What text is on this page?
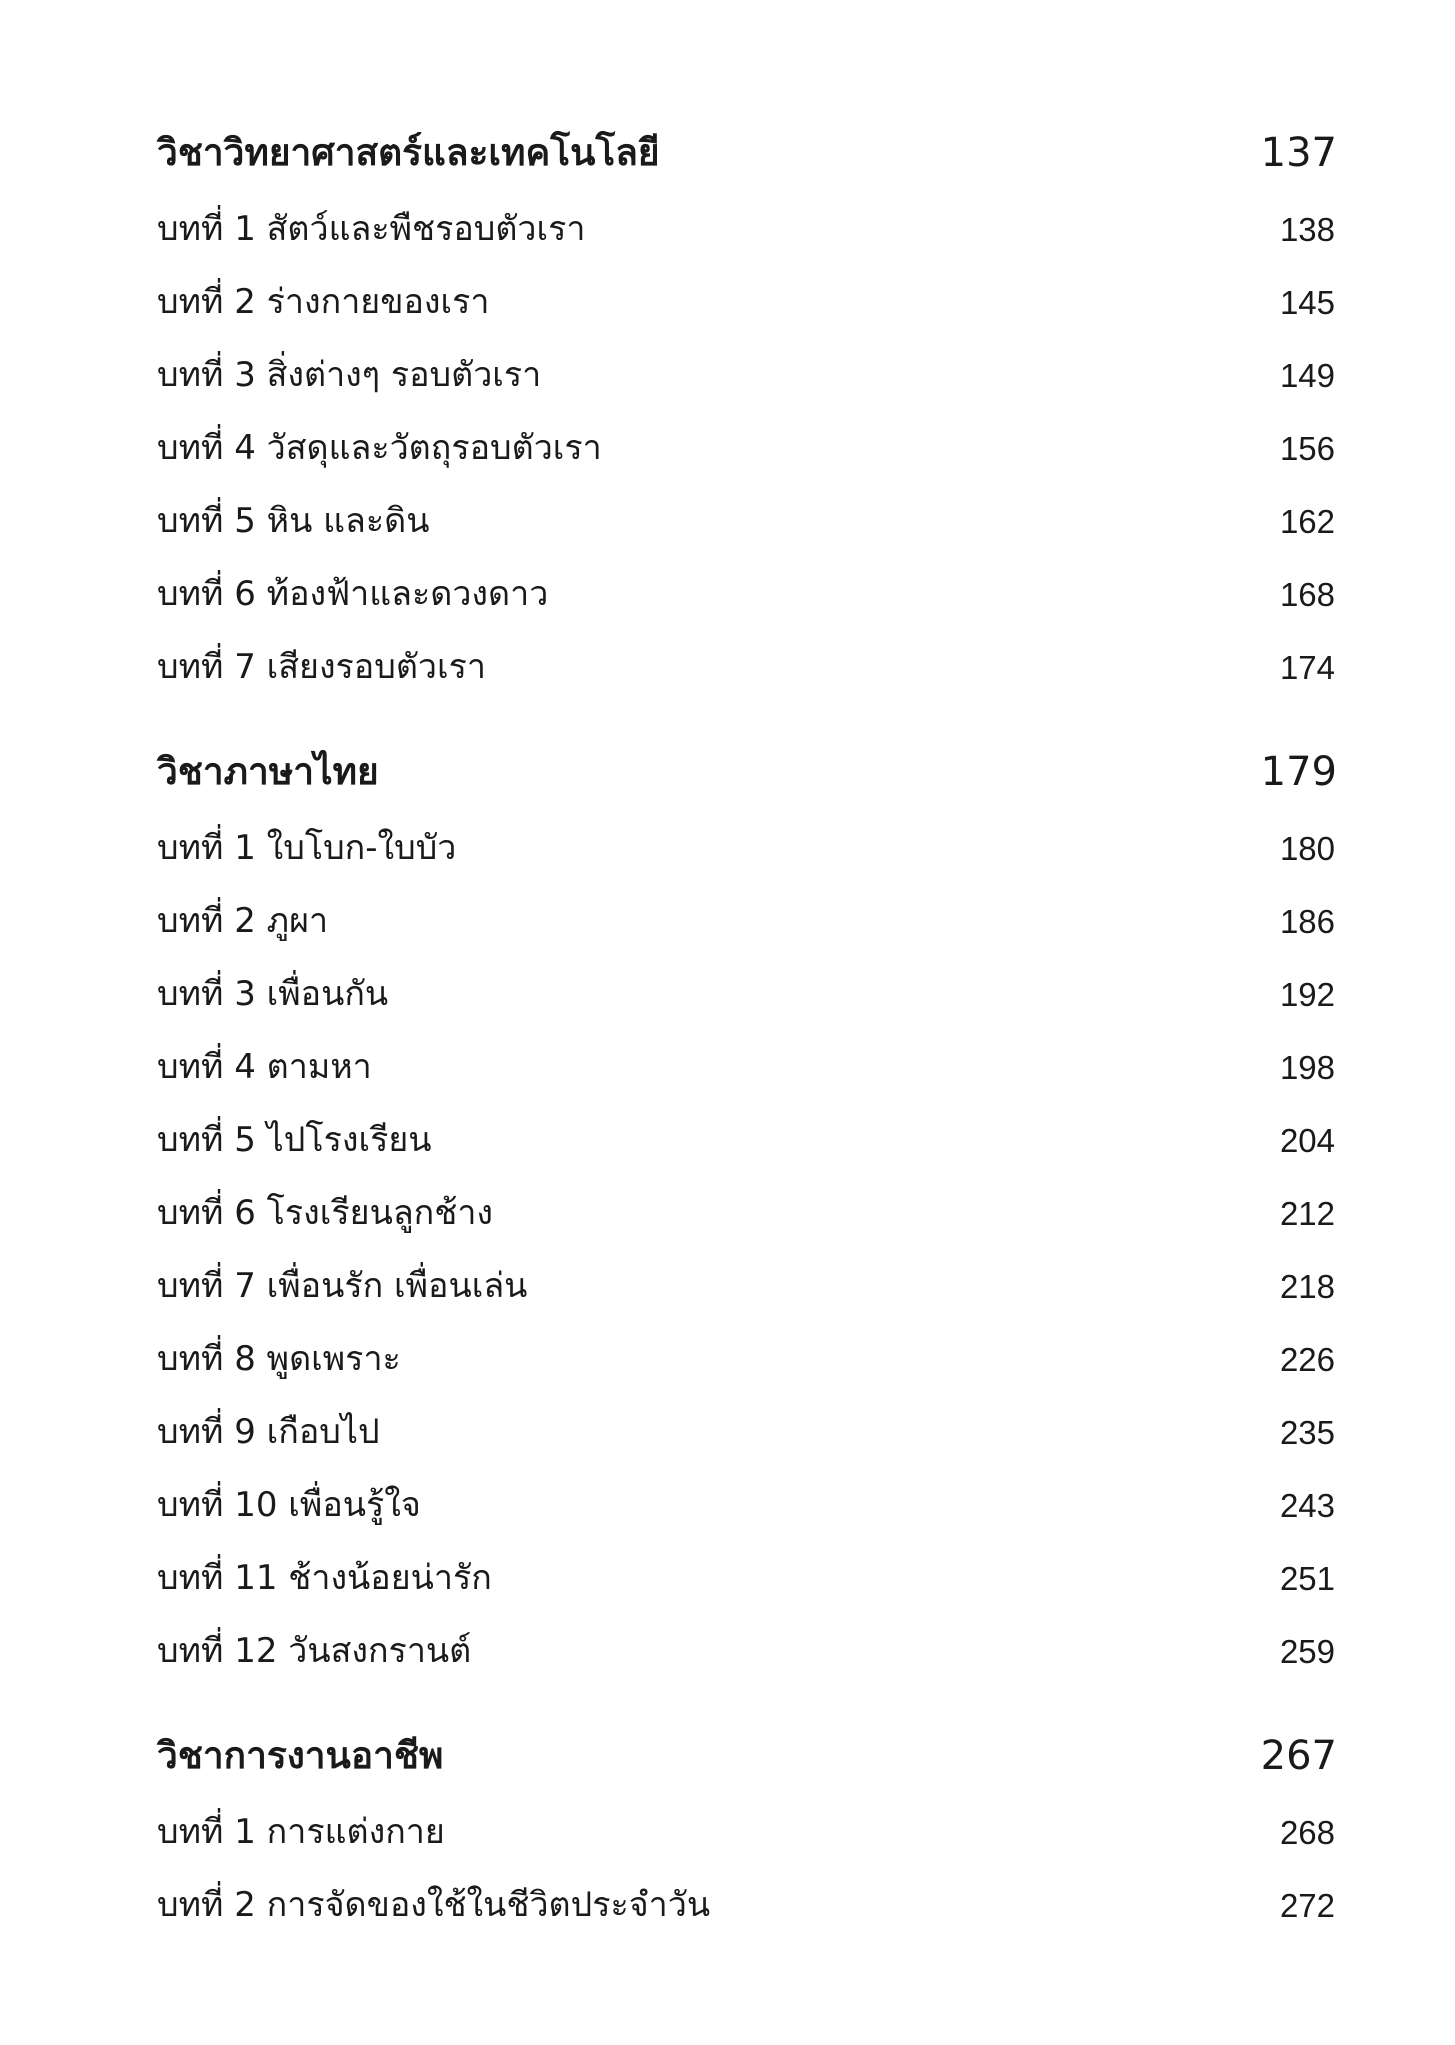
วิชาวิทยาศาสตร์และเทคโนโลยี	137
บทที่ 1 สัตว์และพืชรอบตัวเรา	138
บทที่ 2 ร่างกายของเรา	145
บทที่ 3 สิ่งต่างๆ รอบตัวเรา	149
บทที่ 4 วัสดุและวัตถุรอบตัวเรา	156
บทที่ 5 หิน และดิน	162
บทที่ 6 ท้องฟ้าและดวงดาว	168
บทที่ 7 เสียงรอบตัวเรา	174
วิชาภาษาไทย	179
บทที่ 1 ใบโบก-ใบบัว	180
บทที่ 2 ภูผา	186
บทที่ 3 เพื่อนกัน	192
บทที่ 4 ตามหา	198
บทที่ 5 ไปโรงเรียน	204
บทที่ 6 โรงเรียนลูกช้าง	212
บทที่ 7 เพื่อนรัก เพื่อนเล่น	218
บทที่ 8 พูดเพราะ	226
บทที่ 9 เกือบไป	235
บทที่ 10 เพื่อนรู้ใจ	243
บทที่ 11 ช้างน้อยน่ารัก	251
บทที่ 12 วันสงกรานต์	259
วิชาการงานอาชีพ	267
บทที่ 1 การแต่งกาย	268
บทที่ 2 การจัดของใช้ในชีวิตประจำวัน	272
